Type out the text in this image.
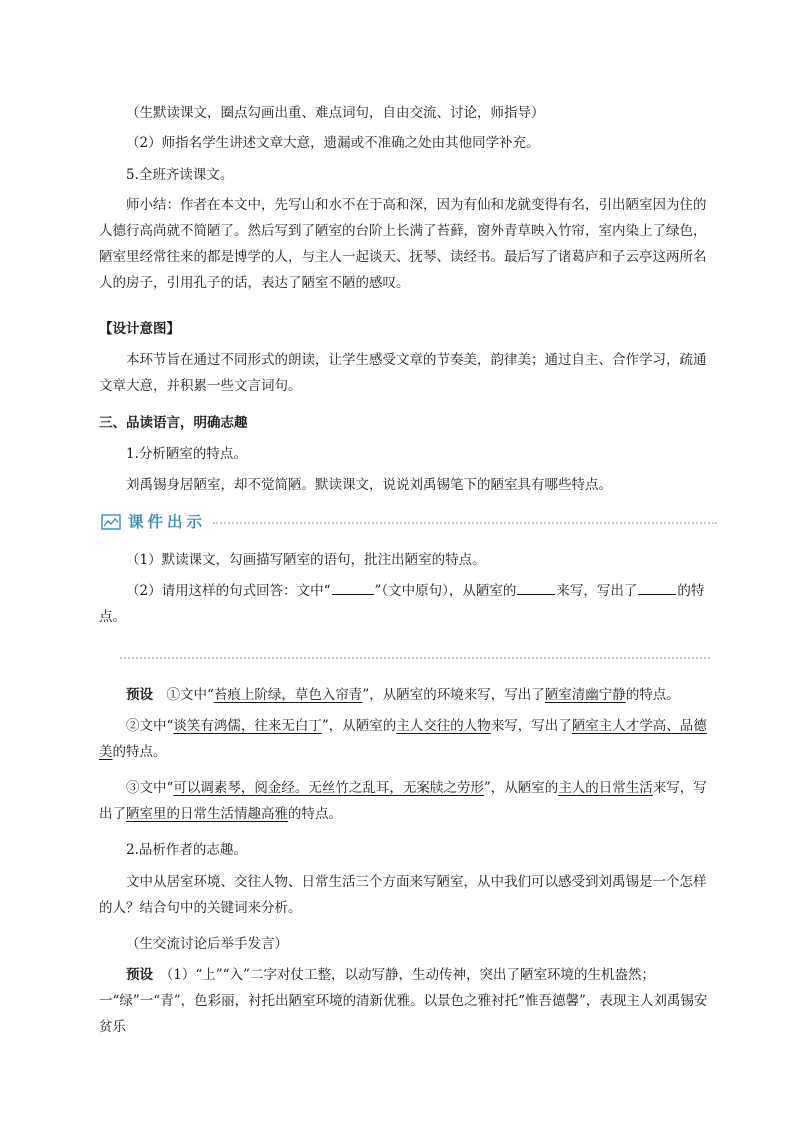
（生默读课文，圈点勾画出重、难点词句，自由交流、讨论，师指导）

（2）师指名学生讲述文章大意，遗漏或不准确之处由其他同学补充。

5.全班齐读课文。

师小结：作者在本文中，先写山和水不在于高和深，因为有仙和龙就变得有名，引出陋室因为住的人德行高尚就不简陋了。然后写到了陋室的台阶上长满了苔藓，窗外青草映入竹帘，室内染上了绿色，陋室里经常往来的都是博学的人，与主人一起谈天、抚琴、读经书。最后写了诸葛庐和子云亭这两所名人的房子，引用孔子的话，表达了陋室不陋的感叹。

【设计意图】

本环节旨在通过不同形式的朗读，让学生感受文章的节奏美，韵律美；通过自主、合作学习，疏通文章大意，并积累一些文言词句。

三、品读语言，明确志趣

1.分析陋室的特点。

刘禹锡身居陋室，却不觉简陋。默读课文，说说刘禹锡笔下的陋室具有哪些特点。

课件出示

（1）默读课文，勾画描写陋室的语句，批注出陋室的特点。

（2）请用这样的句式回答：文中“	”（文中原句），从陋室的	来写，写出了	的特点。

预设　 ①文中“苔痕上阶绿，草色入帘青”，从陋室的环境来写，写出了陋室清幽宁静的特点。

②文中“谈笑有鸿儒，往来无白丁”，从陋室的主人交往的人物来写，写出了陋室主人才学高、品德美的特点。

③文中“可以调素琴，阅金经。无丝竹之乱耳，无案牍之劳形”，从陋室的主人的日常生活来写，写出了陋室里的日常生活情趣高雅的特点。

2.品析作者的志趣。

文中从居室环境、交往人物、日常生活三个方面来写陋室，从中我们可以感受到刘禹锡是一个怎样的人？结合句中的关键词来分析。

（生交流讨论后举手发言）

预设　 （1）“上”“入”二字对仗工整，以动写静，生动传神，突出了陋室环境的生机盎然；一“绿”一“青”，色彩丽，衬托出陋室环境的清新优雅。以景色之雅衬托“惟吾德馨”，表现主人刘禹锡安贫乐
